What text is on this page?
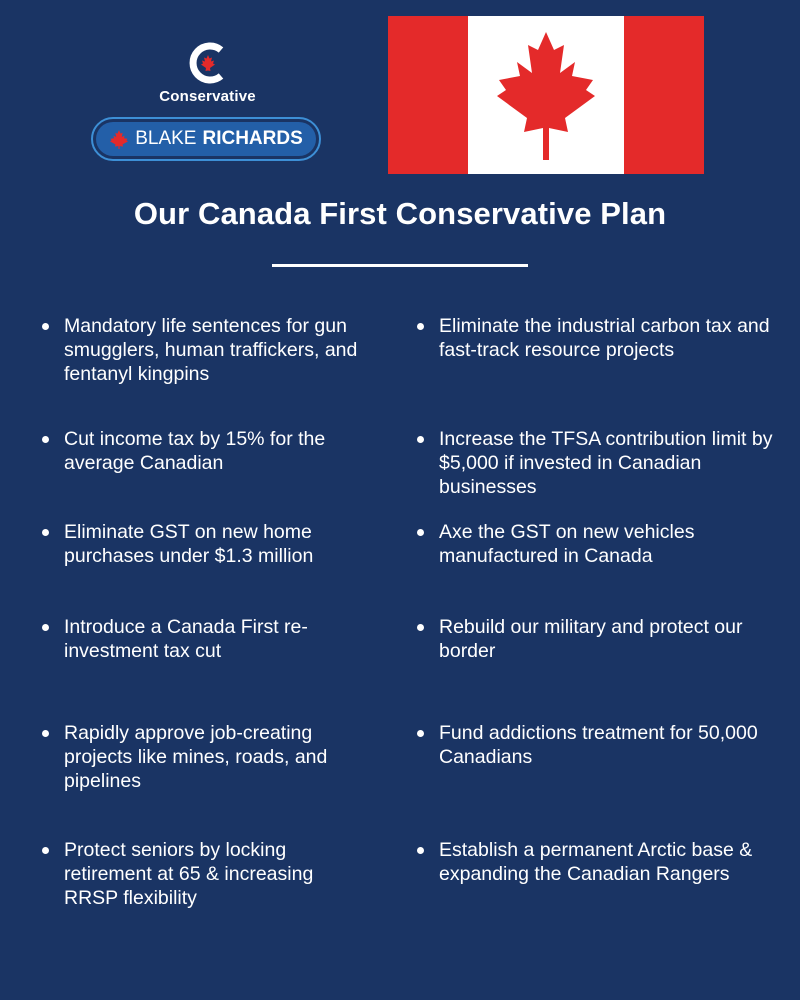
Conservative
BLAKE RICHARDS
Our Canada First Conservative Plan
Mandatory life sentences for gun smugglers, human traffickers, and fentanyl kingpins
Cut income tax by 15% for the average Canadian
Eliminate GST on new home purchases under $1.3 million
Introduce a Canada First re-investment tax cut
Rapidly approve job-creating projects like mines, roads, and pipelines
Protect seniors by locking retirement at 65 & increasing RRSP flexibility
Eliminate the industrial carbon tax and fast-track resource projects
Increase the TFSA contribution limit by $5,000 if invested in Canadian businesses
Axe the GST on new vehicles manufactured in Canada
Rebuild our military and protect our border
Fund addictions treatment for 50,000 Canadians
Establish a permanent Arctic base & expanding the Canadian Rangers
